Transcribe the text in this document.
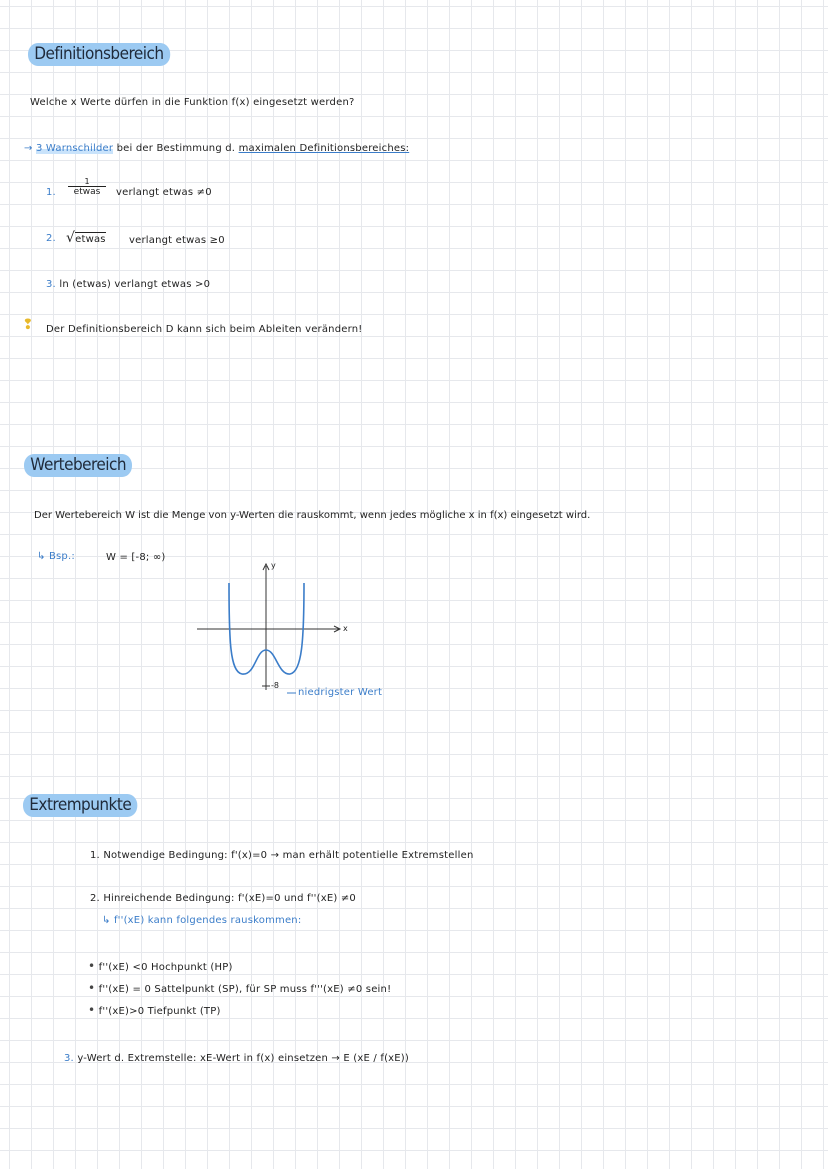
Definitionsbereich
Welche x Werte dürfen in die Funktion f(x) eingesetzt werden?
→ 3 Warnschilder bei der Bestimmung d. maximalen Definitionsbereiches:
1.
1
etwas	verlangt etwas ≠0
2. √etwas verlangt etwas ≥0
3. ln (etwas) verlangt etwas >0
❢ Der Definitionsbereich D kann sich beim Ableiten verändern!
Wertebereich
Der Wertebereich W ist die Menge von y-Werten die rauskommt, wenn jedes mögliche x in f(x) eingesetzt wird.
↳ Bsp.:	W = [-8; ∞)
y
x
-8
niedrigster Wert
Extrempunkte
1. Notwendige Bedingung: f'(x)=0 → man erhält potentielle Extremstellen
2. Hinreichende Bedingung: f'(xE)=0 und f''(xE) ≠0
↳ f''(xE) kann folgendes rauskommen:
• f''(xE) <0 Hochpunkt (HP)
• f''(xE) = 0 Sattelpunkt (SP), für SP muss f'''(xE) ≠0 sein!
• f''(xE)>0 Tiefpunkt (TP)
3. y-Wert d. Extremstelle: xE-Wert in f(x) einsetzen → E (xE / f(xE))
